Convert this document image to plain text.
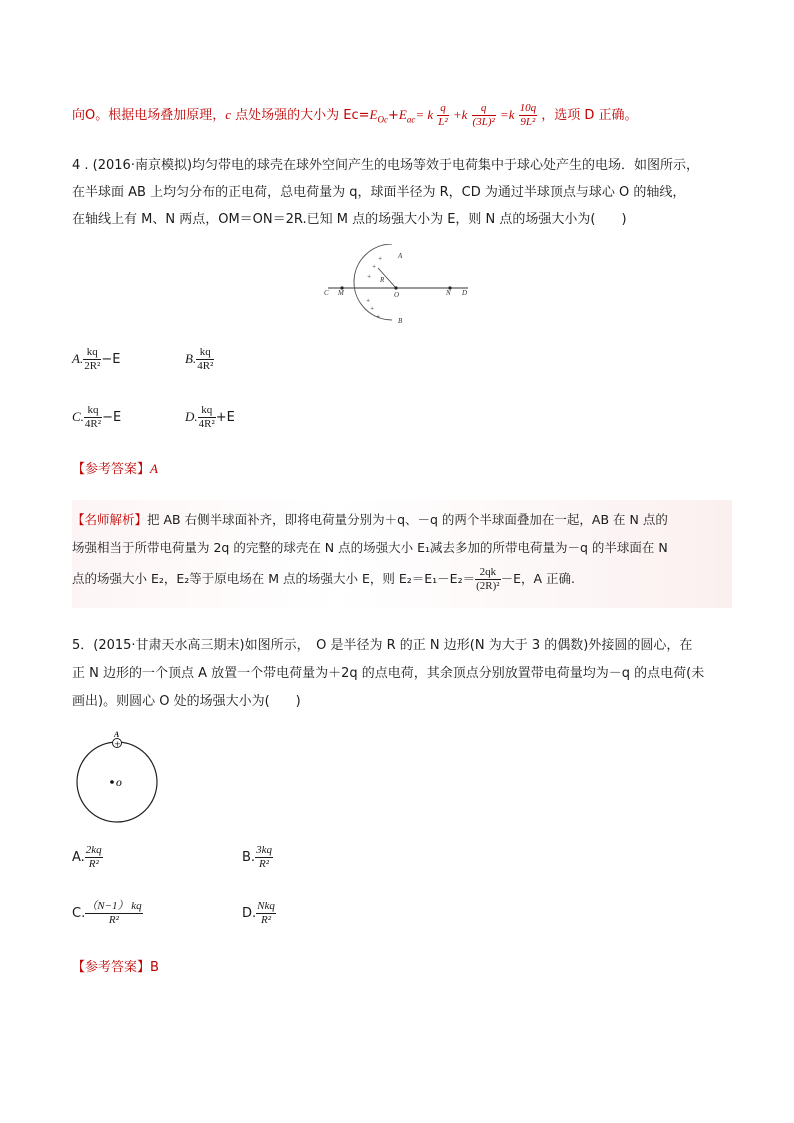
向O。根据电场叠加原理，c 点处场强的大小为 $Ec=E_{Oc}+E_{ac}= k \frac{q}{\text{L²}} +k \frac{q}{\text{(3L)²}} =k \frac{10q}{\text{9L²}}$ ，选项 D 正确。
4 . (2016·南京模拟)均匀带电的球壳在球外空间产生的电场等效于电荷集中于球心处产生的电场．如图所示，
在半球面 AB 上均匀分布的正电荷，总电荷量为 q，球面半径为 R，CD 为通过半球顶点与球心 O 的轴线，
在轴线上有 M、N 两点，OM＝ON＝2R.已知 M 点的场强大小为 E，则 N 点的场强大小为(　　)
+
+
+
+
+
+
C M	O	N D
A
B
R
A. $\frac{kq}{\text{2R²}} -E$	B. $\frac{kq}{\text{4R²}}$
C. $\frac{kq}{\text{4R²}} -E$	D. $\frac{kq}{\text{4R²}} +E$
【参考答案】A
【名师解析】把 AB 右侧半球面补齐，即将电荷量分别为＋q、－q 的两个半球面叠加在一起，AB 在 N 点的
场强相当于所带电荷量为 2q 的完整的球壳在 N 点的场强大小 E₁减去多加的所带电荷量为－q 的半球面在 N
点的场强大小 E₂，E₂等于原电场在 M 点的场强大小 E，则 $E_2=E_1-E_2= \frac{2qk}{\text{(2R)²}} -E$，A 正确.
5．(2015·甘肃天水高三期末)如图所示，　O 是半径为 R 的正 N 边形(N 为大于 3 的偶数)外接圆的圆心，在
正 N 边形的一个顶点 A 放置一个带电荷量为＋2q 的点电荷，其余顶点分别放置带电荷量均为－q 的点电荷(未
画出)。则圆心 O 处的场强大小为(　　)
+
A
O
A. $\frac{2kq}{\text{R²}}$	B. $\frac{3kq}{\text{R²}}$
C. $\frac{(N-1) kq}{\text{R²}}$	D. $\frac{\text{Nkq}}{\text{R²}}$
【参考答案】B
